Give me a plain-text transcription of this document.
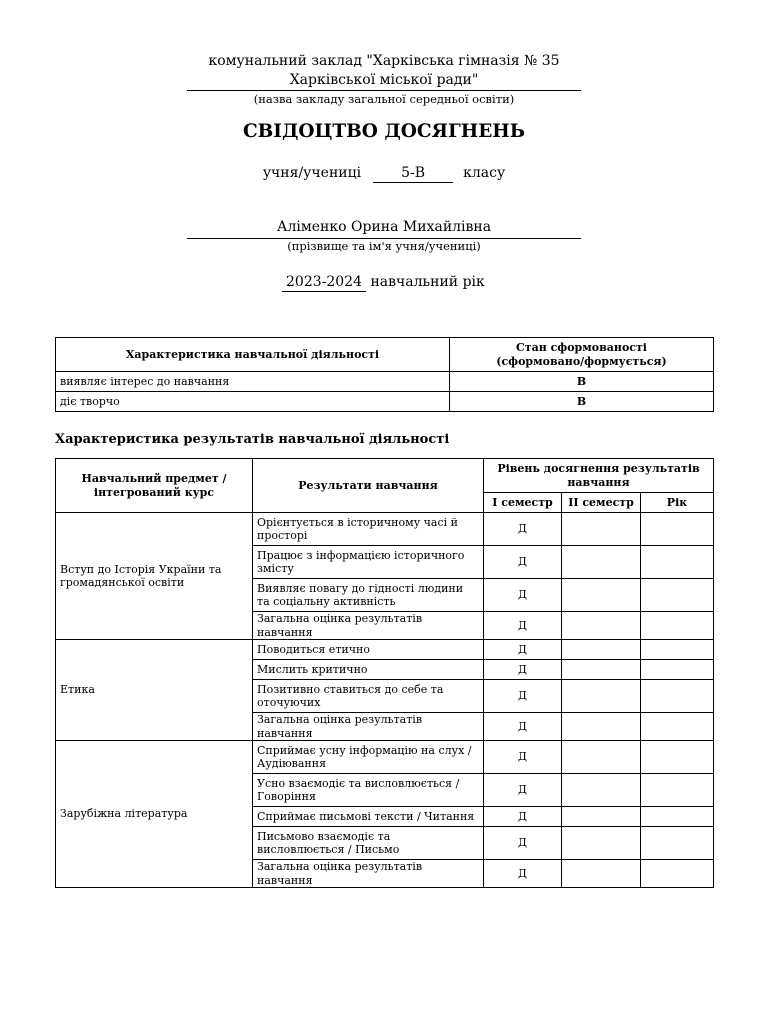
комунальний заклад "Харківська гімназія № 35
Харківської міської ради"
(назва закладу загальної середньої освіти)
СВІДОЦТВО ДОСЯГНЕНЬ
учня/учениці	5-В	класу
Аліменко Орина Михайлівна
(прізвище та ім'я учня/учениці)
2023-2024 навчальний рік
Характеристика навчальної діяльності	Стан сформованості
(сформовано/формується)

виявляє інтерес до навчання	В
діє творчо	В
Характеристика результатів навчальної діяльності
Навчальний предмет / інтегрований курс	Результати навчання	Рівень досягнення результатів навчання		
		І семестр	ІІ семестр	Рік
Вступ до Історія України та громадянської освіти	Орієнтується в історичному часі й просторі	Д		
	Працює з інформацією історичного змісту	Д		
	Виявляє повагу до гідності людини та соціальну активність	Д		
	Загальна оцінка результатів навчання	Д		
Етика	Поводиться етично	Д		
	Мислить критично	Д		
	Позитивно ставиться до себе та оточуючих	Д		
	Загальна оцінка результатів навчання	Д		
Зарубіжна література	Сприймає усну інформацію на слух / Аудіювання	Д		
	Усно взаємодіє та висловлюється / Говоріння	Д		
	Сприймає письмові тексти / Читання	Д		
	Письмово взаємодіє та висловлюється / Письмо	Д		
	Загальна оцінка результатів навчання	Д		
